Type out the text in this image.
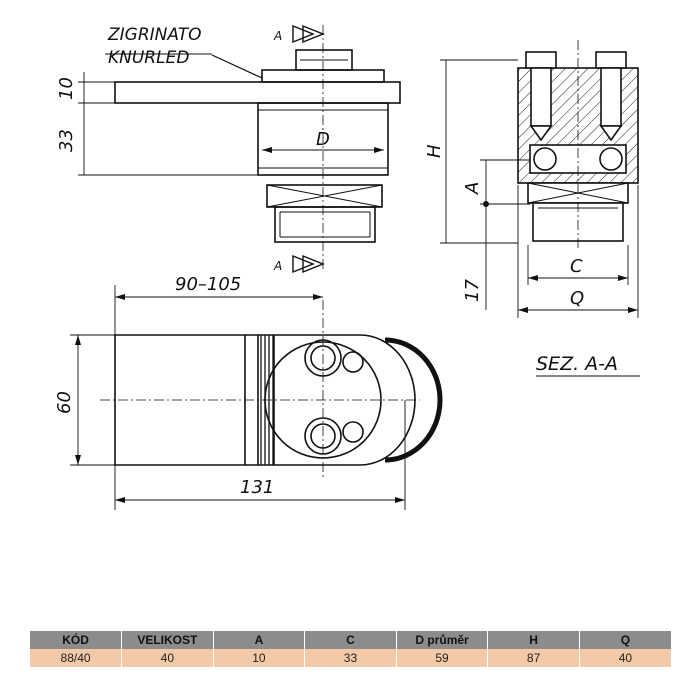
ZIGRINATO
KNURLED
A
A
10
33	D
H
A
17
C
Q
SEZ. A-A
90–105
60
131
KÓD	VELIKOST	A	C	D průměr	H	Q
88/40	40	10	33	59	87	40
